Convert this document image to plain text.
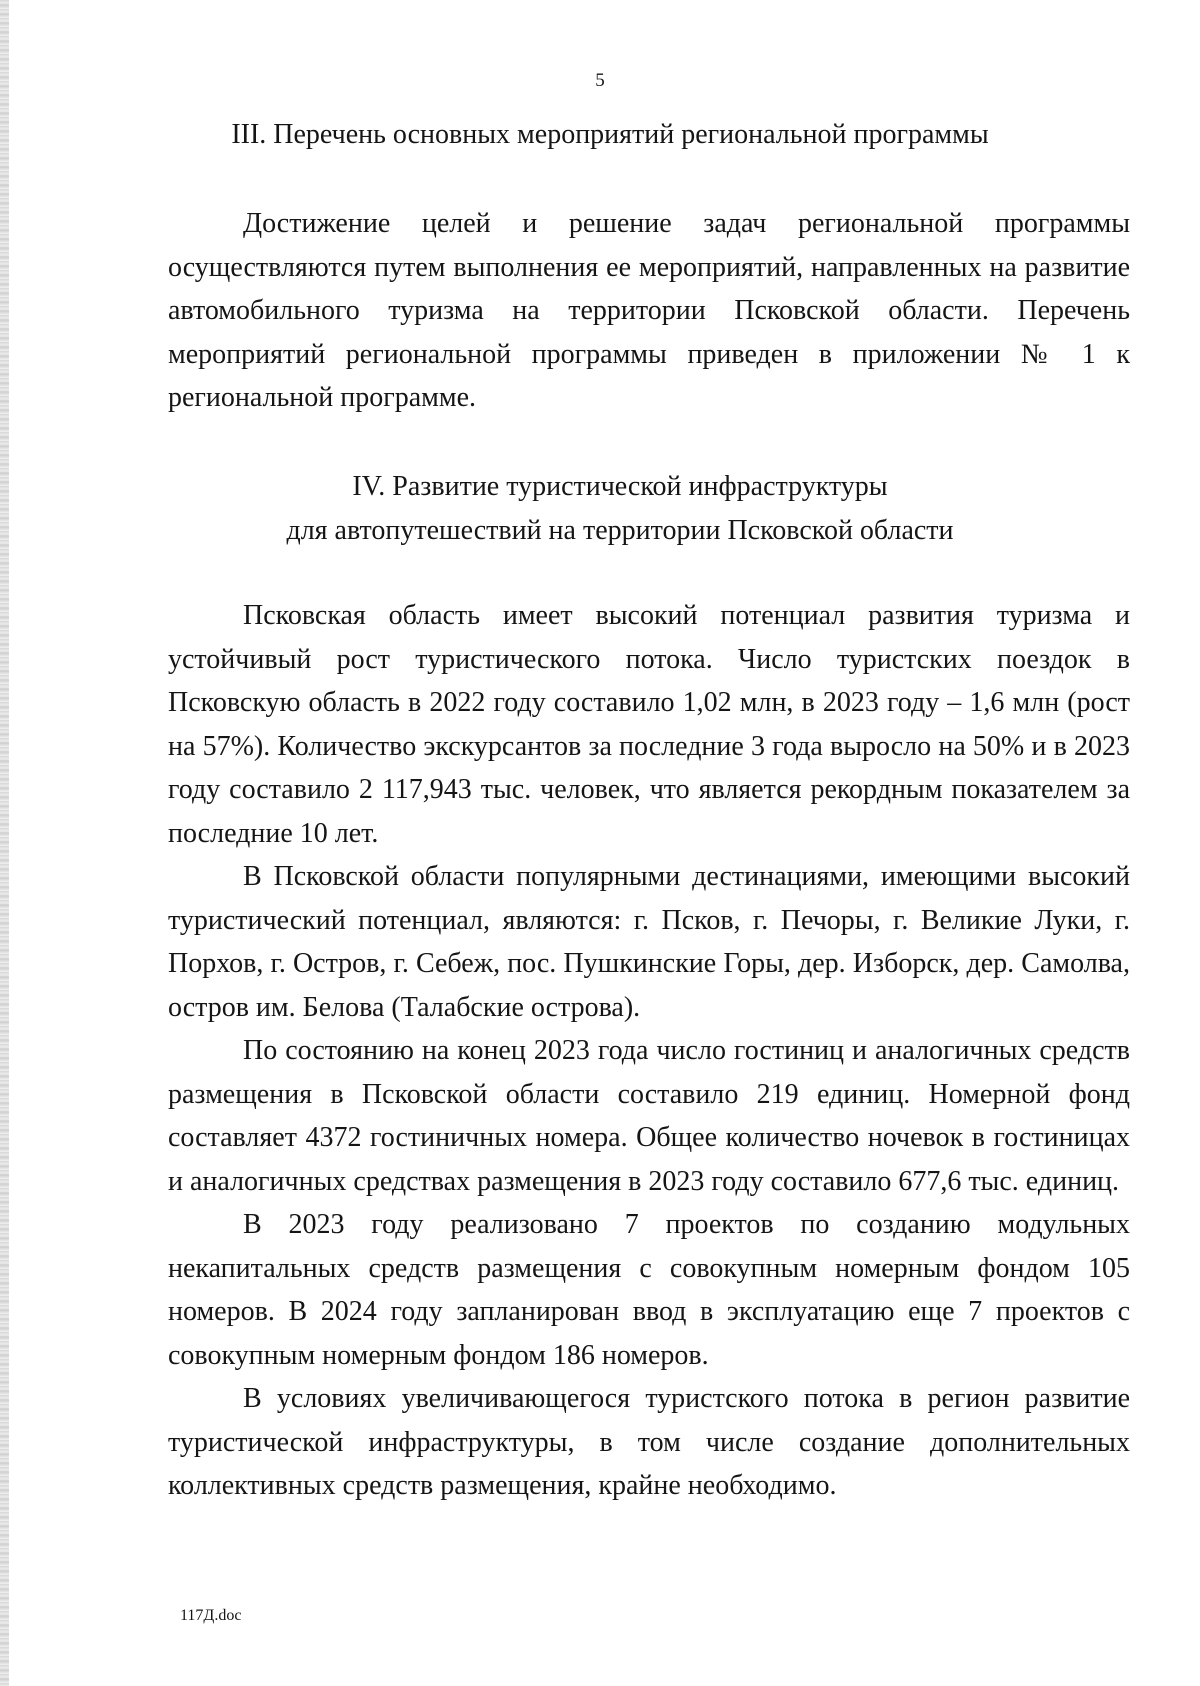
5
III. Перечень основных мероприятий региональной программы

Достижение целей и решение задач региональной программы осуществляются путем выполнения ее мероприятий, направленных на развитие автомобильного туризма на территории Псковской области. Перечень мероприятий региональной программы приведен в приложении № 1 к региональной программе.

IV. Развитие туристической инфраструктуры
для автопутешествий на территории Псковской области

Псковская область имеет высокий потенциал развития туризма и устойчивый рост туристического потока. Число туристских поездок в Псковскую область в 2022 году составило 1,02 млн, в 2023 году – 1,6 млн (рост на 57%). Количество экскурсантов за последние 3 года выросло на 50% и в 2023 году составило 2 117,943 тыс. человек, что является рекордным показателем за последние 10 лет.

В Псковской области популярными дестинациями, имеющими высокий туристический потенциал, являются: г. Псков, г. Печоры, г. Великие Луки, г. Порхов, г. Остров, г. Себеж, пос. Пушкинские Горы, дер. Изборск, дер. Самолва, остров им. Белова (Талабские острова).

По состоянию на конец 2023 года число гостиниц и аналогичных средств размещения в Псковской области составило 219 единиц. Номерной фонд составляет 4372 гостиничных номера. Общее количество ночевок в гостиницах и аналогичных средствах размещения в 2023 году составило 677,6 тыс. единиц.

В 2023 году реализовано 7 проектов по созданию модульных некапитальных средств размещения с совокупным номерным фондом 105 номеров. В 2024 году запланирован ввод в эксплуатацию еще 7 проектов с совокупным номерным фондом 186 номеров.

В условиях увеличивающегося туристского потока в регион развитие туристической инфраструктуры, в том числе создание дополнительных коллективных средств размещения, крайне необходимо.

117Д.doc
